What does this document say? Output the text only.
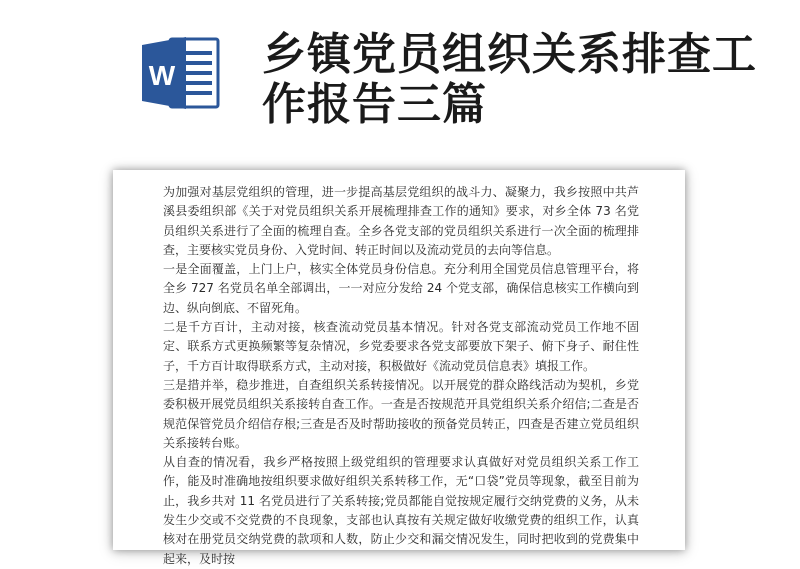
W 乡镇党员组织关系排查工作报告三篇

为加强对基层党组织的管理，进一步提高基层党组织的战斗力、凝聚力，我乡按照中共芦溪县委组织部《关于对党员组织关系开展梳理排查工作的通知》要求，对乡全体 73 名党员组织关系进行了全面的梳理自查。全乡各党支部的党员组织关系进行一次全面的梳理排查，主要核实党员身份、入党时间、转正时间以及流动党员的去向等信息。

一是全面覆盖，上门上户，核实全体党员身份信息。充分利用全国党员信息管理平台，将全乡 727 名党员名单全部调出，一一对应分发给 24 个党支部，确保信息核实工作横向到边、纵向倒底、不留死角。

二是千方百计，主动对接，核查流动党员基本情况。针对各党支部流动党员工作地不固定、联系方式更换频繁等复杂情况，乡党委要求各党支部要放下架子、俯下身子、耐住性子，千方百计取得联系方式，主动对接，积极做好《流动党员信息表》填报工作。

三是措并举，稳步推进，自查组织关系转接情况。以开展党的群众路线活动为契机，乡党委积极开展党员组织关系接转自查工作。一查是否按规范开具党组织关系介绍信;二查是否规范保管党员介绍信存根;三查是否及时帮助接收的预备党员转正，四查是否建立党员组织关系接转台账。

从自查的情况看，我乡严格按照上级党组织的管理要求认真做好对党员组织关系工作工作，能及时准确地按组织要求做好组织关系转移工作，无“口袋”党员等现象，截至目前为止，我乡共对 11 名党员进行了关系转接;党员都能自觉按规定履行交纳党费的义务，从未发生少交或不交党费的不良现象，支部也认真按有关规定做好收缴党费的组织工作，认真核对在册党员交纳党费的款项和人数，防止少交和漏交情况发生，同时把收到的党费集中起来，及时按
